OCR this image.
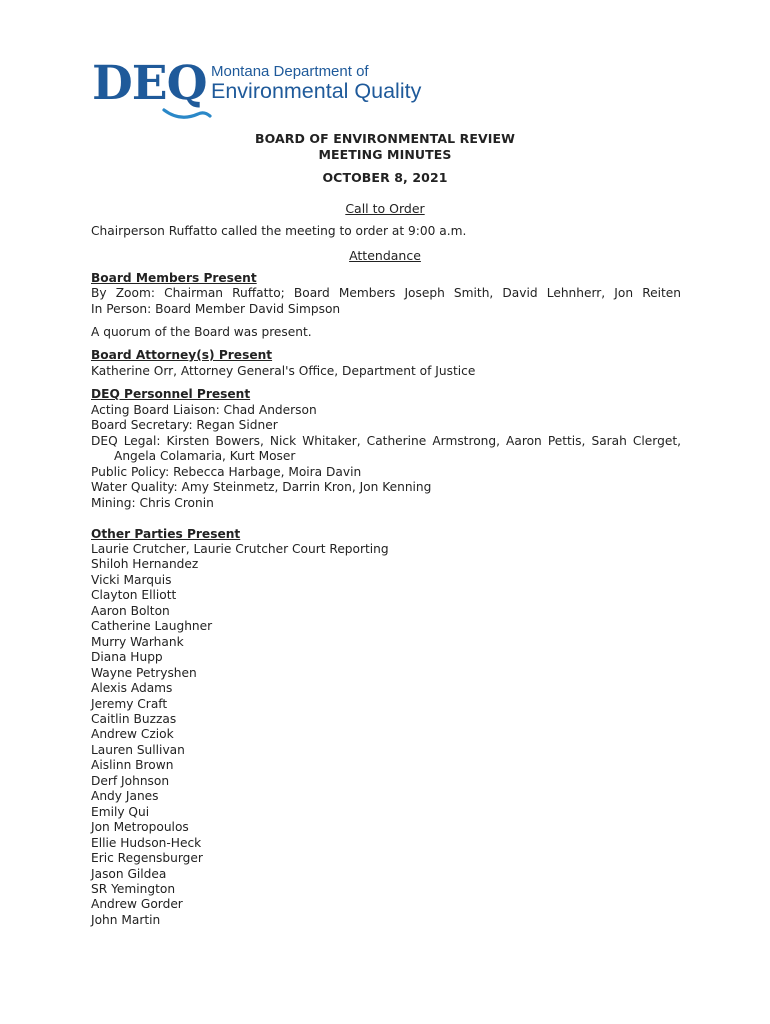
DEQ Montana Department of
Environmental Quality
BOARD OF ENVIRONMENTAL REVIEW
MEETING MINUTES
OCTOBER 8, 2021
Call to Order
Chairperson Ruffatto called the meeting to order at 9:00 a.m.
Attendance
Board Members Present
By Zoom: Chairman Ruffatto; Board Members Joseph Smith, David Lehnherr, Jon Reiten
In Person: Board Member David Simpson
A quorum of the Board was present.
Board Attorney(s) Present
Katherine Orr, Attorney General's Office, Department of Justice
DEQ Personnel Present
Acting Board Liaison: Chad Anderson
Board Secretary: Regan Sidner
DEQ Legal: Kirsten Bowers, Nick Whitaker, Catherine Armstrong, Aaron Pettis, Sarah Clerget,
Angela Colamaria, Kurt Moser
Public Policy: Rebecca Harbage, Moira Davin
Water Quality: Amy Steinmetz, Darrin Kron, Jon Kenning
Mining: Chris Cronin
Other Parties Present
Laurie Crutcher, Laurie Crutcher Court Reporting
Shiloh Hernandez
Vicki Marquis
Clayton Elliott
Aaron Bolton
Catherine Laughner
Murry Warhank
Diana Hupp
Wayne Petryshen
Alexis Adams
Jeremy Craft
Caitlin Buzzas
Andrew Cziok
Lauren Sullivan
Aislinn Brown
Derf Johnson
Andy Janes
Emily Qui
Jon Metropoulos
Ellie Hudson-Heck
Eric Regensburger
Jason Gildea
SR Yemington
Andrew Gorder
John Martin
